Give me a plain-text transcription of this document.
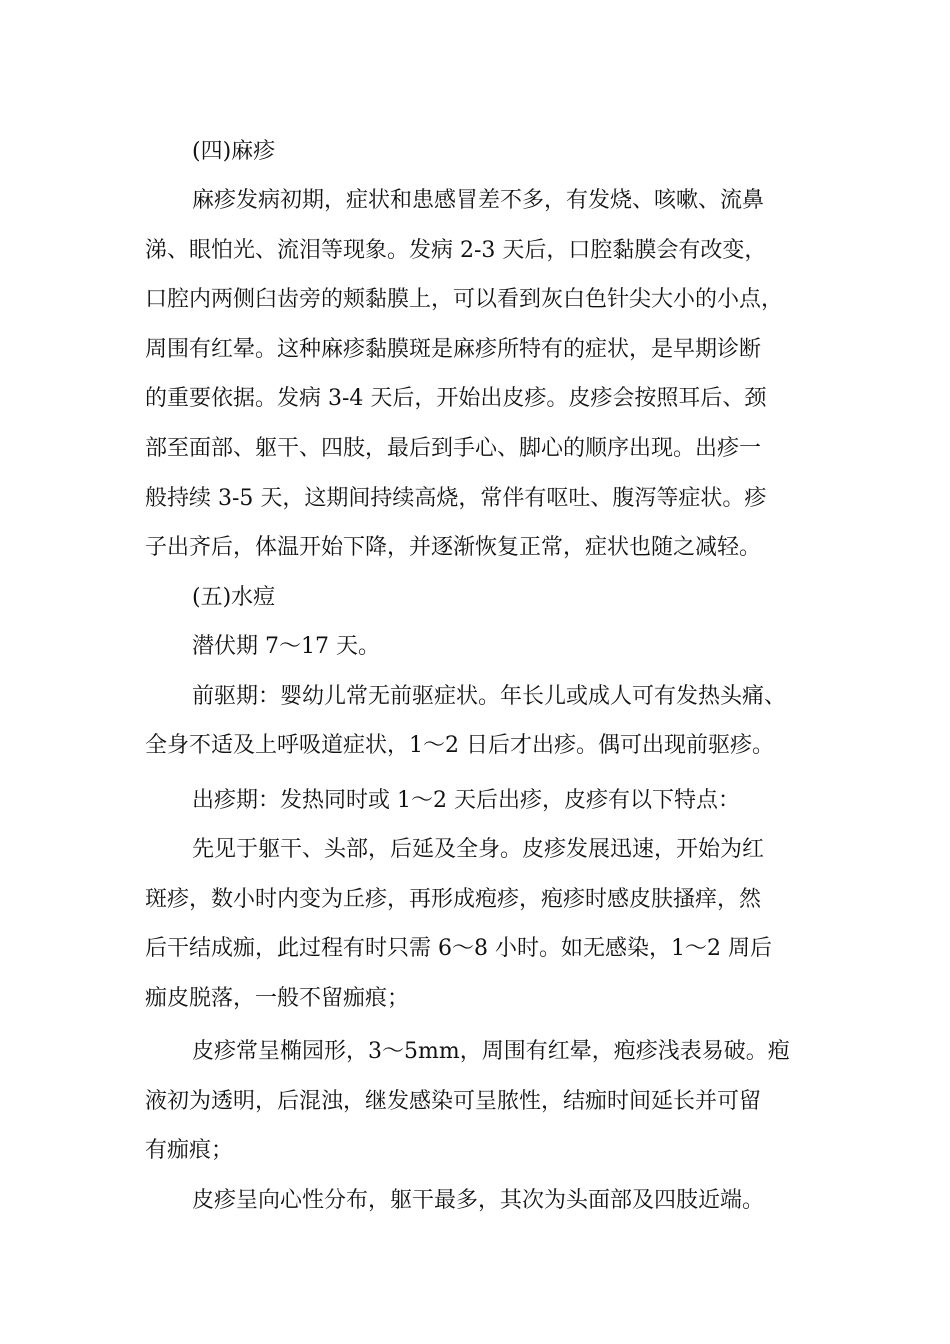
(四)麻疹
麻疹发病初期，症状和患感冒差不多，有发烧、咳嗽、流鼻
涕、眼怕光、流泪等现象。发病 2-3 天后，口腔黏膜会有改变，
口腔内两侧臼齿旁的颊黏膜上，可以看到灰白色针尖大小的小点，
周围有红晕。这种麻疹黏膜斑是麻疹所特有的症状，是早期诊断
的重要依据。发病 3-4 天后，开始出皮疹。皮疹会按照耳后、颈
部至面部、躯干、四肢，最后到手心、脚心的顺序出现。出疹一
般持续 3-5 天，这期间持续高烧，常伴有呕吐、腹泻等症状。疹
子出齐后，体温开始下降，并逐渐恢复正常，症状也随之减轻。
(五)水痘
潜伏期 7～17 天。
前驱期：婴幼儿常无前驱症状。年长儿或成人可有发热头痛、
全身不适及上呼吸道症状，1～2 日后才出疹。偶可出现前驱疹。
出疹期：发热同时或 1～2 天后出疹，皮疹有以下特点：
先见于躯干、头部，后延及全身。皮疹发展迅速，开始为红
斑疹，数小时内变为丘疹，再形成疱疹，疱疹时感皮肤搔痒，然
后干结成痂，此过程有时只需 6～8 小时。如无感染，1～2 周后
痂皮脱落，一般不留痂痕；
皮疹常呈椭园形，3～5mm，周围有红晕，疱疹浅表易破。疱
液初为透明，后混浊，继发感染可呈脓性，结痂时间延长并可留
有痂痕；
皮疹呈向心性分布，躯干最多，其次为头面部及四肢近端。
